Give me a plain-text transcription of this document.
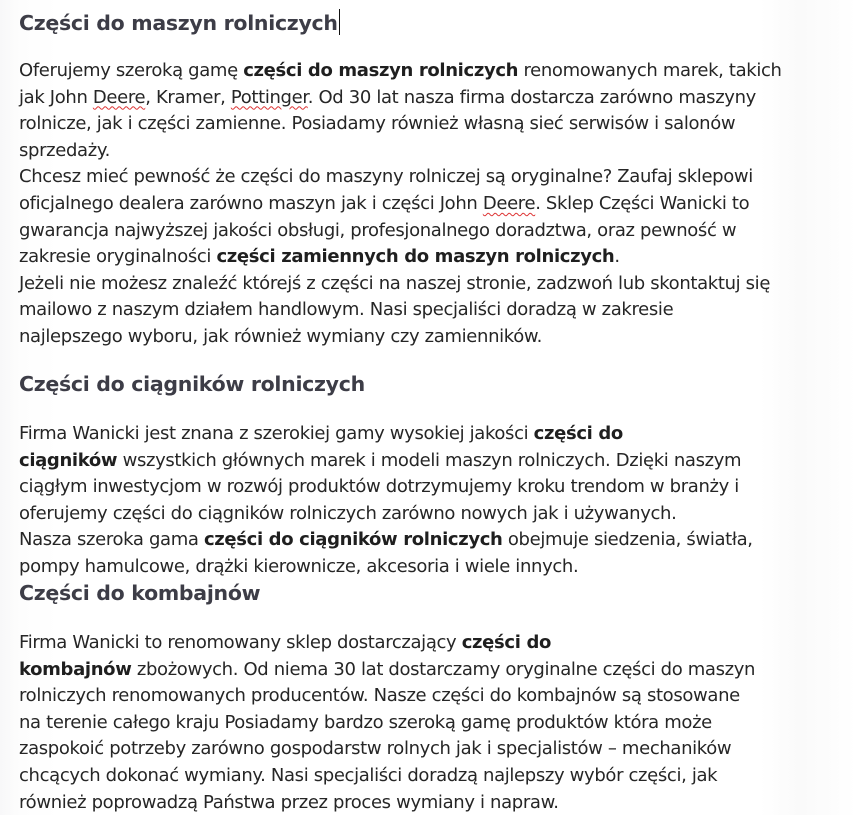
Części do maszyn rolniczych
Oferujemy szeroką gamę części do maszyn rolniczych renomowanych marek, takich
jak John Deere, Kramer, Pottinger. Od 30 lat nasza firma dostarcza zarówno maszyny
rolnicze, jak i części zamienne. Posiadamy również własną sieć serwisów i salonów
sprzedaży.
Chcesz mieć pewność że części do maszyny rolniczej są oryginalne? Zaufaj sklepowi
oficjalnego dealera zarówno maszyn jak i części John Deere. Sklep Części Wanicki to
gwarancja najwyższej jakości obsługi, profesjonalnego doradztwa, oraz pewność w
zakresie oryginalności części zamiennych do maszyn rolniczych.
Jeżeli nie możesz znaleźć którejś z części na naszej stronie, zadzwoń lub skontaktuj się
mailowo z naszym działem handlowym. Nasi specjaliści doradzą w zakresie
najlepszego wyboru, jak również wymiany czy zamienników.
Części do ciągników rolniczych
Firma Wanicki jest znana z szerokiej gamy wysokiej jakości części do
ciągników wszystkich głównych marek i modeli maszyn rolniczych. Dzięki naszym
ciągłym inwestycjom w rozwój produktów dotrzymujemy kroku trendom w branży i
oferujemy części do ciągników rolniczych zarówno nowych jak i używanych.
Nasza szeroka gama części do ciągników rolniczych obejmuje siedzenia, światła,
pompy hamulcowe, drążki kierownicze, akcesoria i wiele innych.
Części do kombajnów
Firma Wanicki to renomowany sklep dostarczający części do
kombajnów zbożowych. Od niema 30 lat dostarczamy oryginalne części do maszyn
rolniczych renomowanych producentów. Nasze części do kombajnów są stosowane
na terenie całego kraju Posiadamy bardzo szeroką gamę produktów która może
zaspokoić potrzeby zarówno gospodarstw rolnych jak i specjalistów – mechaników
chcących dokonać wymiany. Nasi specjaliści doradzą najlepszy wybór części, jak
również poprowadzą Państwa przez proces wymiany i napraw.
